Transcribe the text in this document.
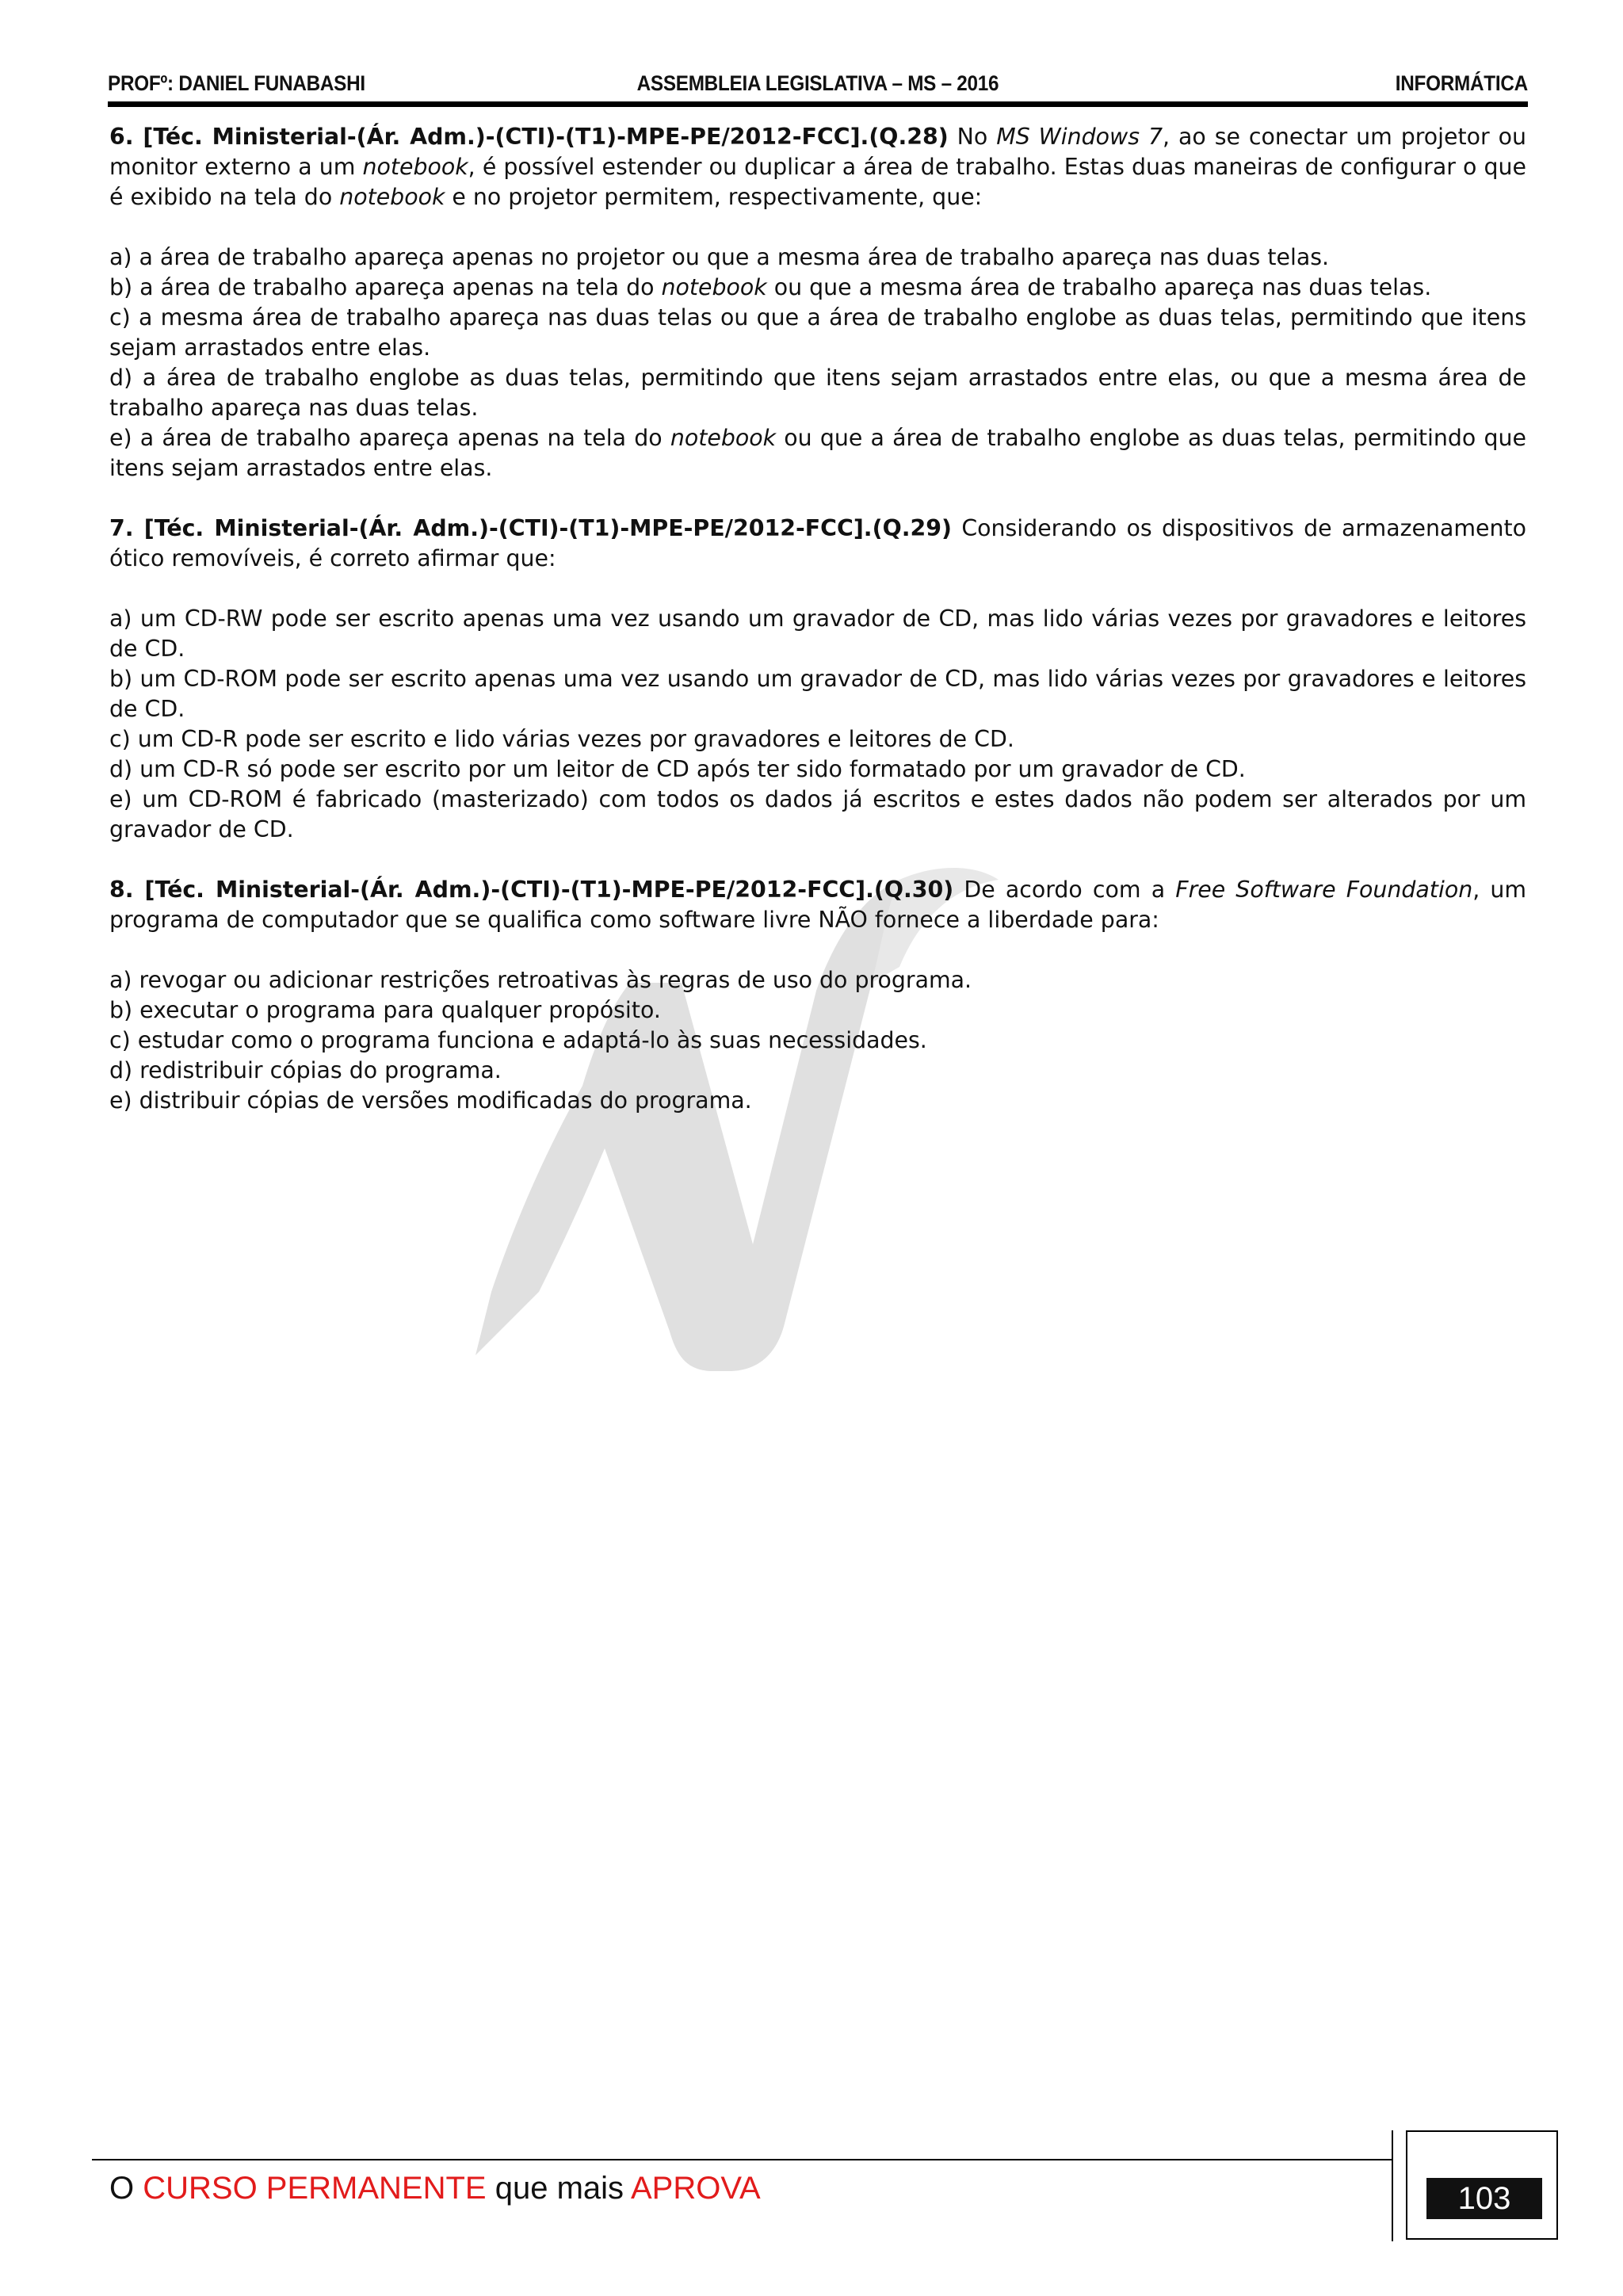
PROFº: DANIEL FUNABASHI	ASSEMBLEIA LEGISLATIVA – MS – 2016	INFORMÁTICA

6. [Téc. Ministerial-(Ár. Adm.)-(CTI)-(T1)-MPE-PE/2012-FCC].(Q.28) No MS Windows 7, ao se conectar um projetor ou monitor externo a um notebook, é possível estender ou duplicar a área de trabalho. Estas duas maneiras de configurar o que é exibido na tela do notebook e no projetor permitem, respectivamente, que:

a) a área de trabalho apareça apenas no projetor ou que a mesma área de trabalho apareça nas duas telas.

b) a área de trabalho apareça apenas na tela do notebook ou que a mesma área de trabalho apareça nas duas telas.

c) a mesma área de trabalho apareça nas duas telas ou que a área de trabalho englobe as duas telas, permitindo que itens sejam arrastados entre elas.

d) a área de trabalho englobe as duas telas, permitindo que itens sejam arrastados entre elas, ou que a mesma área de trabalho apareça nas duas telas.

e) a área de trabalho apareça apenas na tela do notebook ou que a área de trabalho englobe as duas telas, permitindo que itens sejam arrastados entre elas.

7. [Téc. Ministerial-(Ár. Adm.)-(CTI)-(T1)-MPE-PE/2012-FCC].(Q.29) Considerando os dispositivos de armazenamento ótico removíveis, é correto afirmar que:

a) um CD-RW pode ser escrito apenas uma vez usando um gravador de CD, mas lido várias vezes por gravadores e leitores de CD.

b) um CD-ROM pode ser escrito apenas uma vez usando um gravador de CD, mas lido várias vezes por gravadores e leitores de CD.

c) um CD-R pode ser escrito e lido várias vezes por gravadores e leitores de CD.

d) um CD-R só pode ser escrito por um leitor de CD após ter sido formatado por um gravador de CD.

e) um CD-ROM é fabricado (masterizado) com todos os dados já escritos e estes dados não podem ser alterados por um gravador de CD.

8. [Téc. Ministerial-(Ár. Adm.)-(CTI)-(T1)-MPE-PE/2012-FCC].(Q.30) De acordo com a Free Software Foundation, um programa de computador que se qualifica como software livre NÃO fornece a liberdade para:

a) revogar ou adicionar restrições retroativas às regras de uso do programa.

b) executar o programa para qualquer propósito.

c) estudar como o programa funciona e adaptá-lo às suas necessidades.

d) redistribuir cópias do programa.

e) distribuir cópias de versões modificadas do programa.

O CURSO PERMANENTE que mais APROVA	103
